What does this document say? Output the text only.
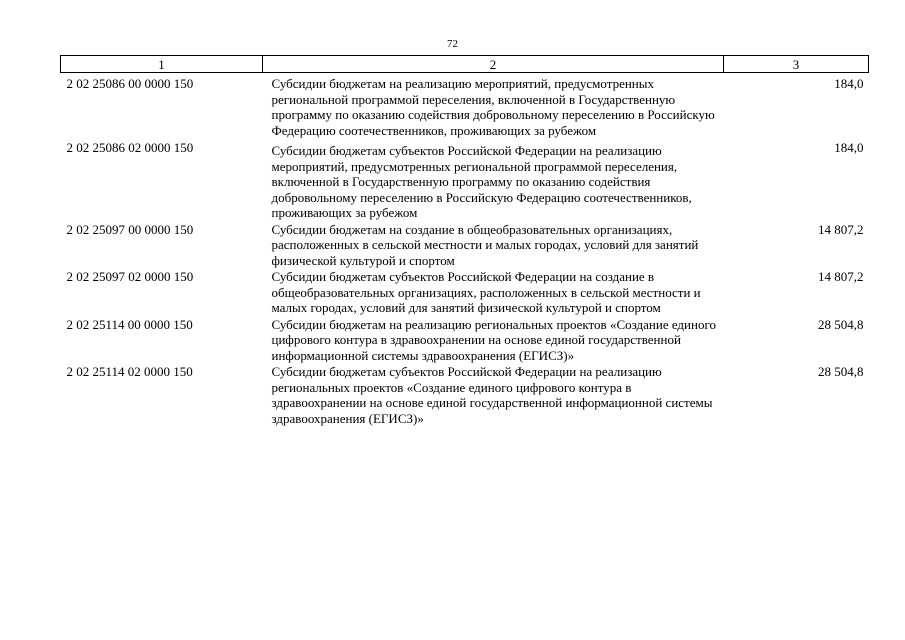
72
1	2	3
2 02 25086 00 0000 150	Субсидии бюджетам на реализацию мероприятий, предусмотренных региональной программой переселения, включенной в Государственную программу по оказанию содействия добровольному переселению в Российскую Федерацию соотечественников, проживающих за рубежом	184,0
2 02 25086 02 0000 150	Субсидии бюджетам субъектов Российской Федерации на реализацию мероприятий, предусмотренных региональной программой переселения, включенной в Государственную программу по оказанию содействия добровольному переселению в Российскую Федерацию соотечественников, проживающих за рубежом	184,0
2 02 25097 00 0000 150	Субсидии бюджетам на создание в общеобразовательных организациях, расположенных в сельской местности и малых городах, условий для занятий физической культурой и спортом	14 807,2
2 02 25097 02 0000 150	Субсидии бюджетам субъектов Российской Федерации на создание в общеобразовательных организациях, расположенных в сельской местности и малых городах, условий для занятий физической культурой и спортом	14 807,2
2 02 25114 00 0000 150	Субсидии бюджетам на реализацию региональных проектов «Создание единого цифрового контура в здравоохранении на основе единой государственной информационной системы здравоохранения (ЕГИСЗ)»	28 504,8
2 02 25114 02 0000 150	Субсидии бюджетам субъектов Российской Федерации на реализацию региональных проектов «Создание единого цифрового контура в здравоохранении на основе единой государственной информационной системы здравоохранения (ЕГИСЗ)»	28 504,8
